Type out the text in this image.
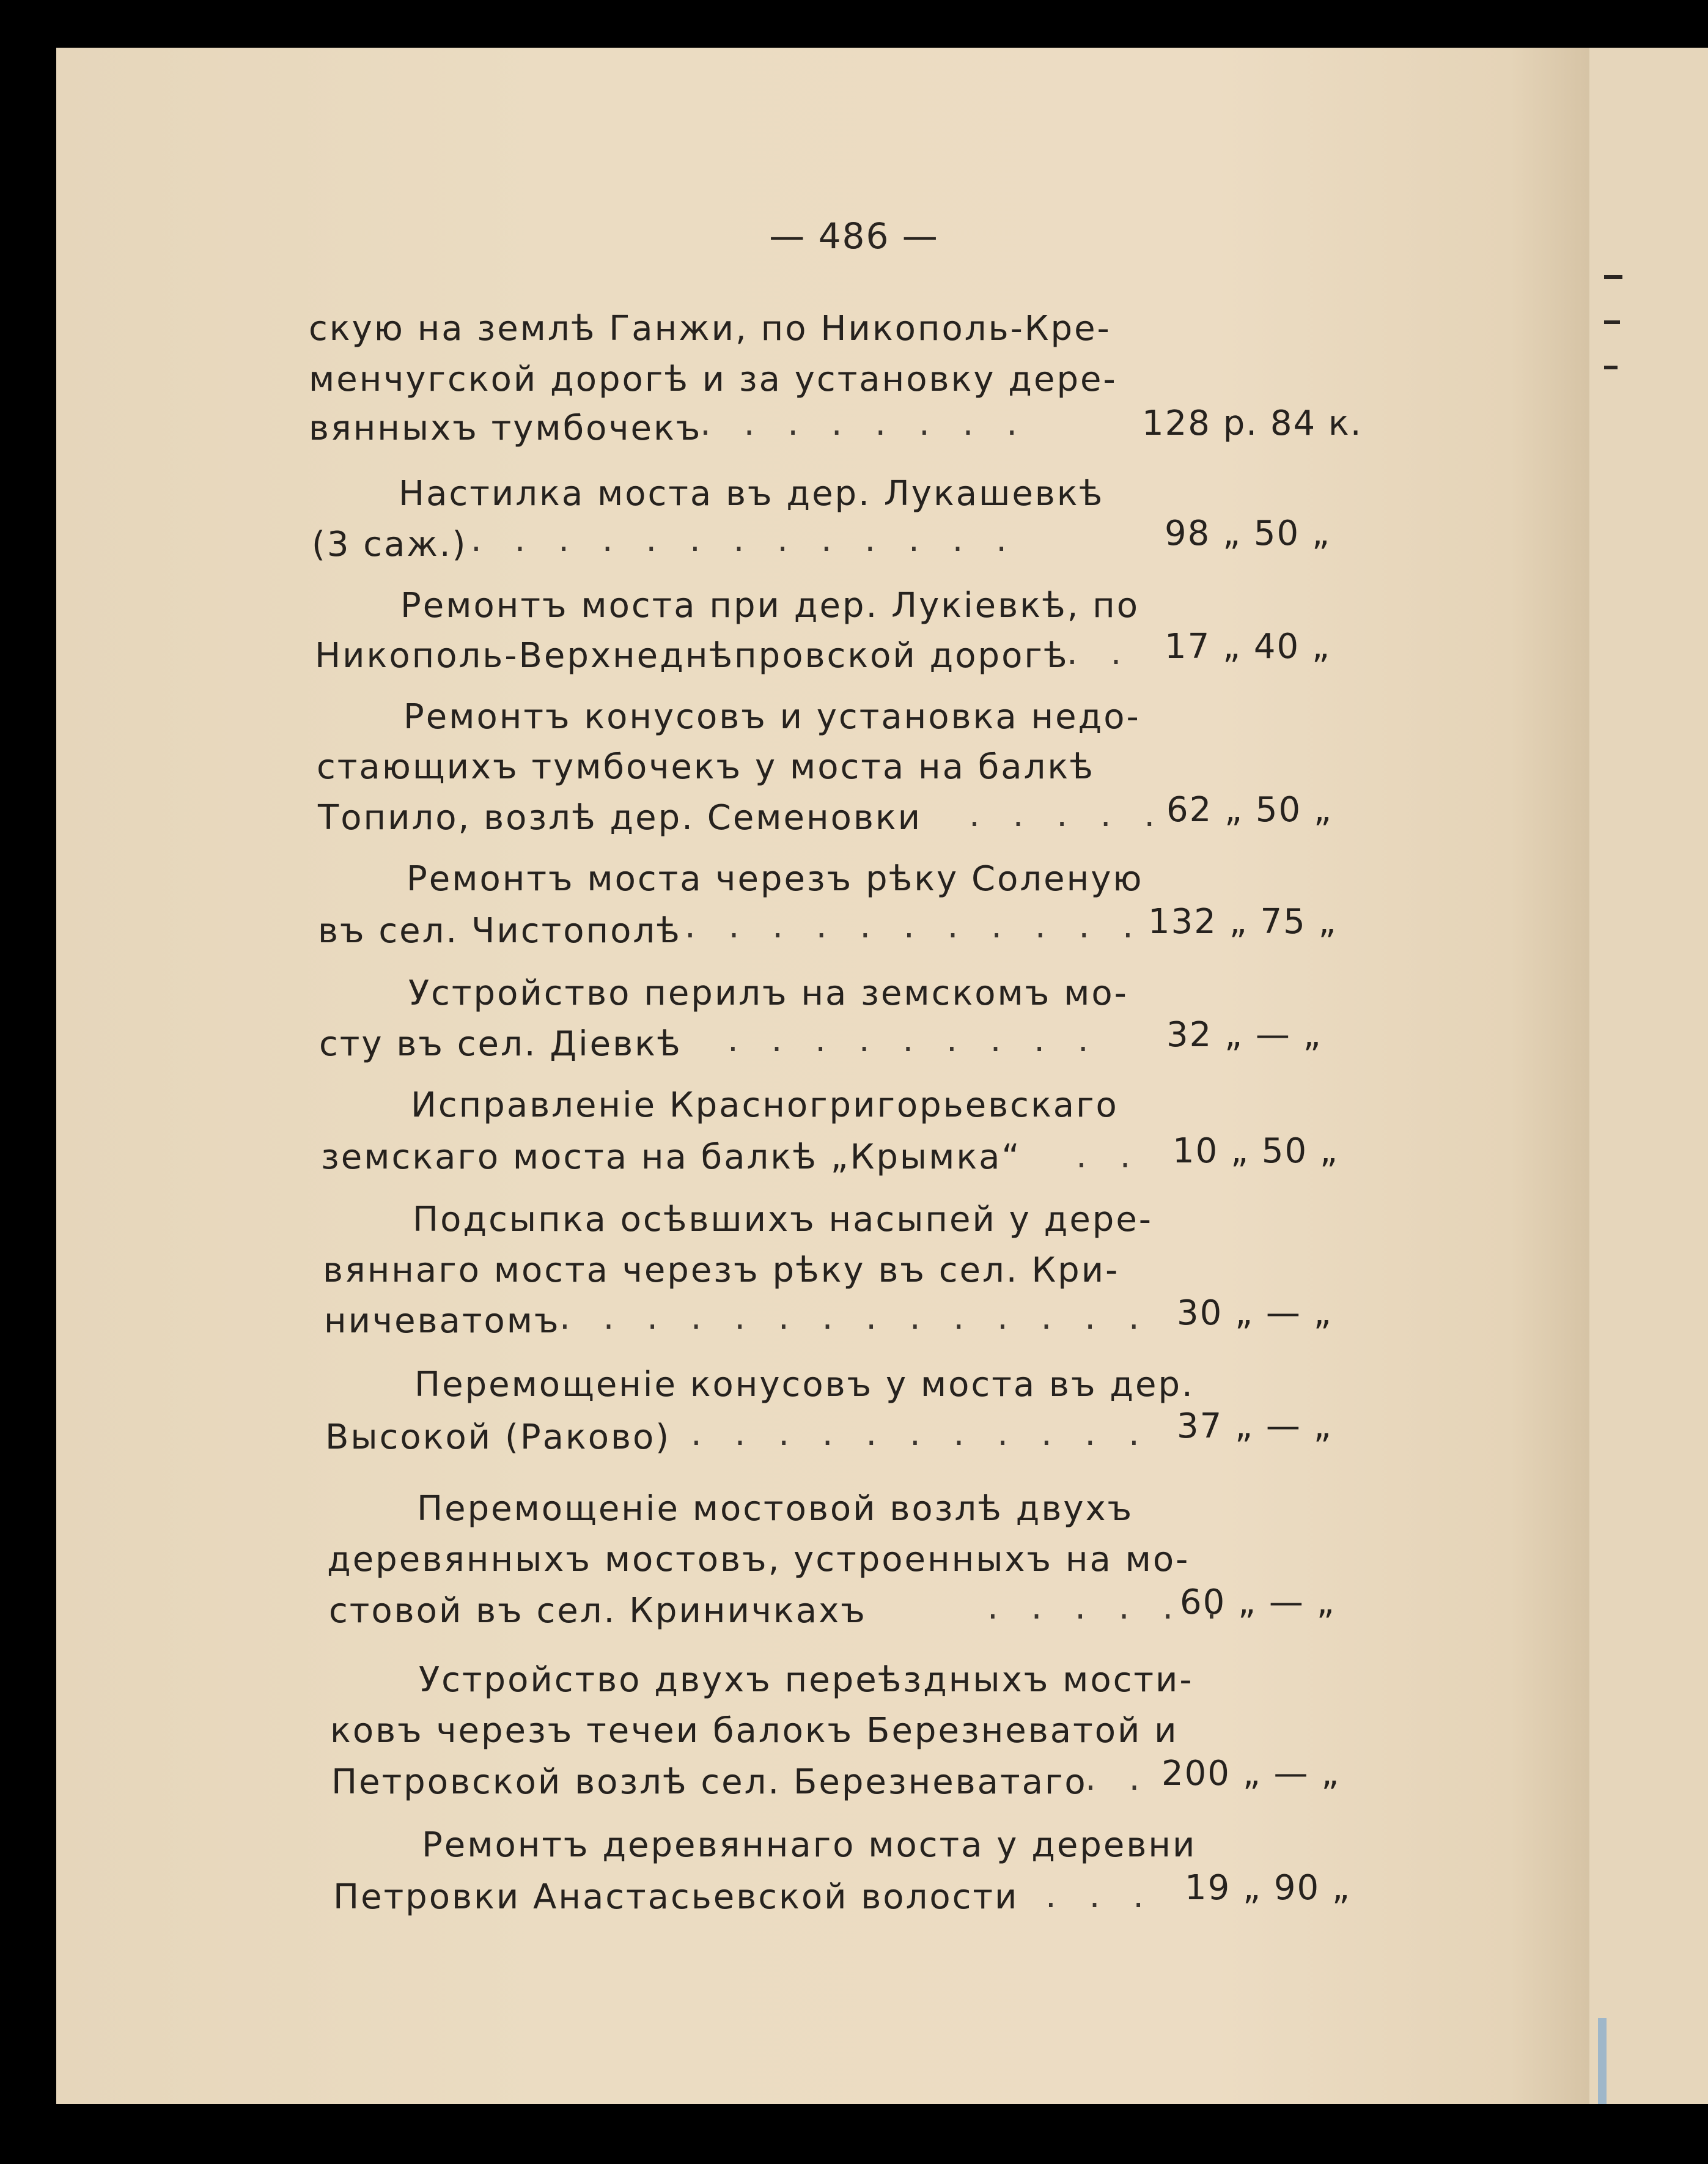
— 486 —
скую на землѣ Ганжи, по Никополь-Кре-
менчугской дорогѣ и за установку дере-
вянныхъ тумбочекъ
. . . . . . . .	128 р. 84 к.
Настилка моста въ дер. Лукашевкѣ
(3 саж.) . . . . . . . . . . . . .	98 „ 50 „
Ремонтъ моста при дер. Лукіевкѣ, по
Никополь-Верхнеднѣпровской дорогѣ
. . 17 „ 40 „
Ремонтъ конусовъ и установка недо-
стающихъ тумбочекъ у моста на балкѣ
Топило, возлѣ дер. Семеновки . . . . . 62 „ 50 „
Ремонтъ моста черезъ рѣку Соленую
въ сел. Чистополѣ . . . . . . . . . . . 132 „ 75 „
Устройство перилъ на земскомъ мо-
сту въ сел. Діевкѣ . . . . . . . . . 32 „ — „
Исправленіе Красногригорьевскаго
земскаго моста на балкѣ „Крымка“ . . 10 „ 50 „
Подсыпка осѣвшихъ насыпей у дере-
вяннаго моста черезъ рѣку въ сел. Кри-
ничеватомъ
. . . . . . . . . . . . . . 30 „ — „
Перемощеніе конусовъ у моста въ дер.
Высокой (Раково) . . . . . . . . . . . 37 „ — „
Перемощеніе мостовой возлѣ двухъ
деревянныхъ мостовъ, устроенныхъ на мо-
стовой въ сел. Криничкахъ	. . . . . .
60 „ — „
Устройство двухъ переѣздныхъ мости-
ковъ черезъ течеи балокъ Березневатой и
Петровской возлѣ сел. Березневатаго
. . 200 „ — „
Ремонтъ деревяннаго моста у деревни
Петровки Анастасьевской волости . . . 19 „ 90 „
